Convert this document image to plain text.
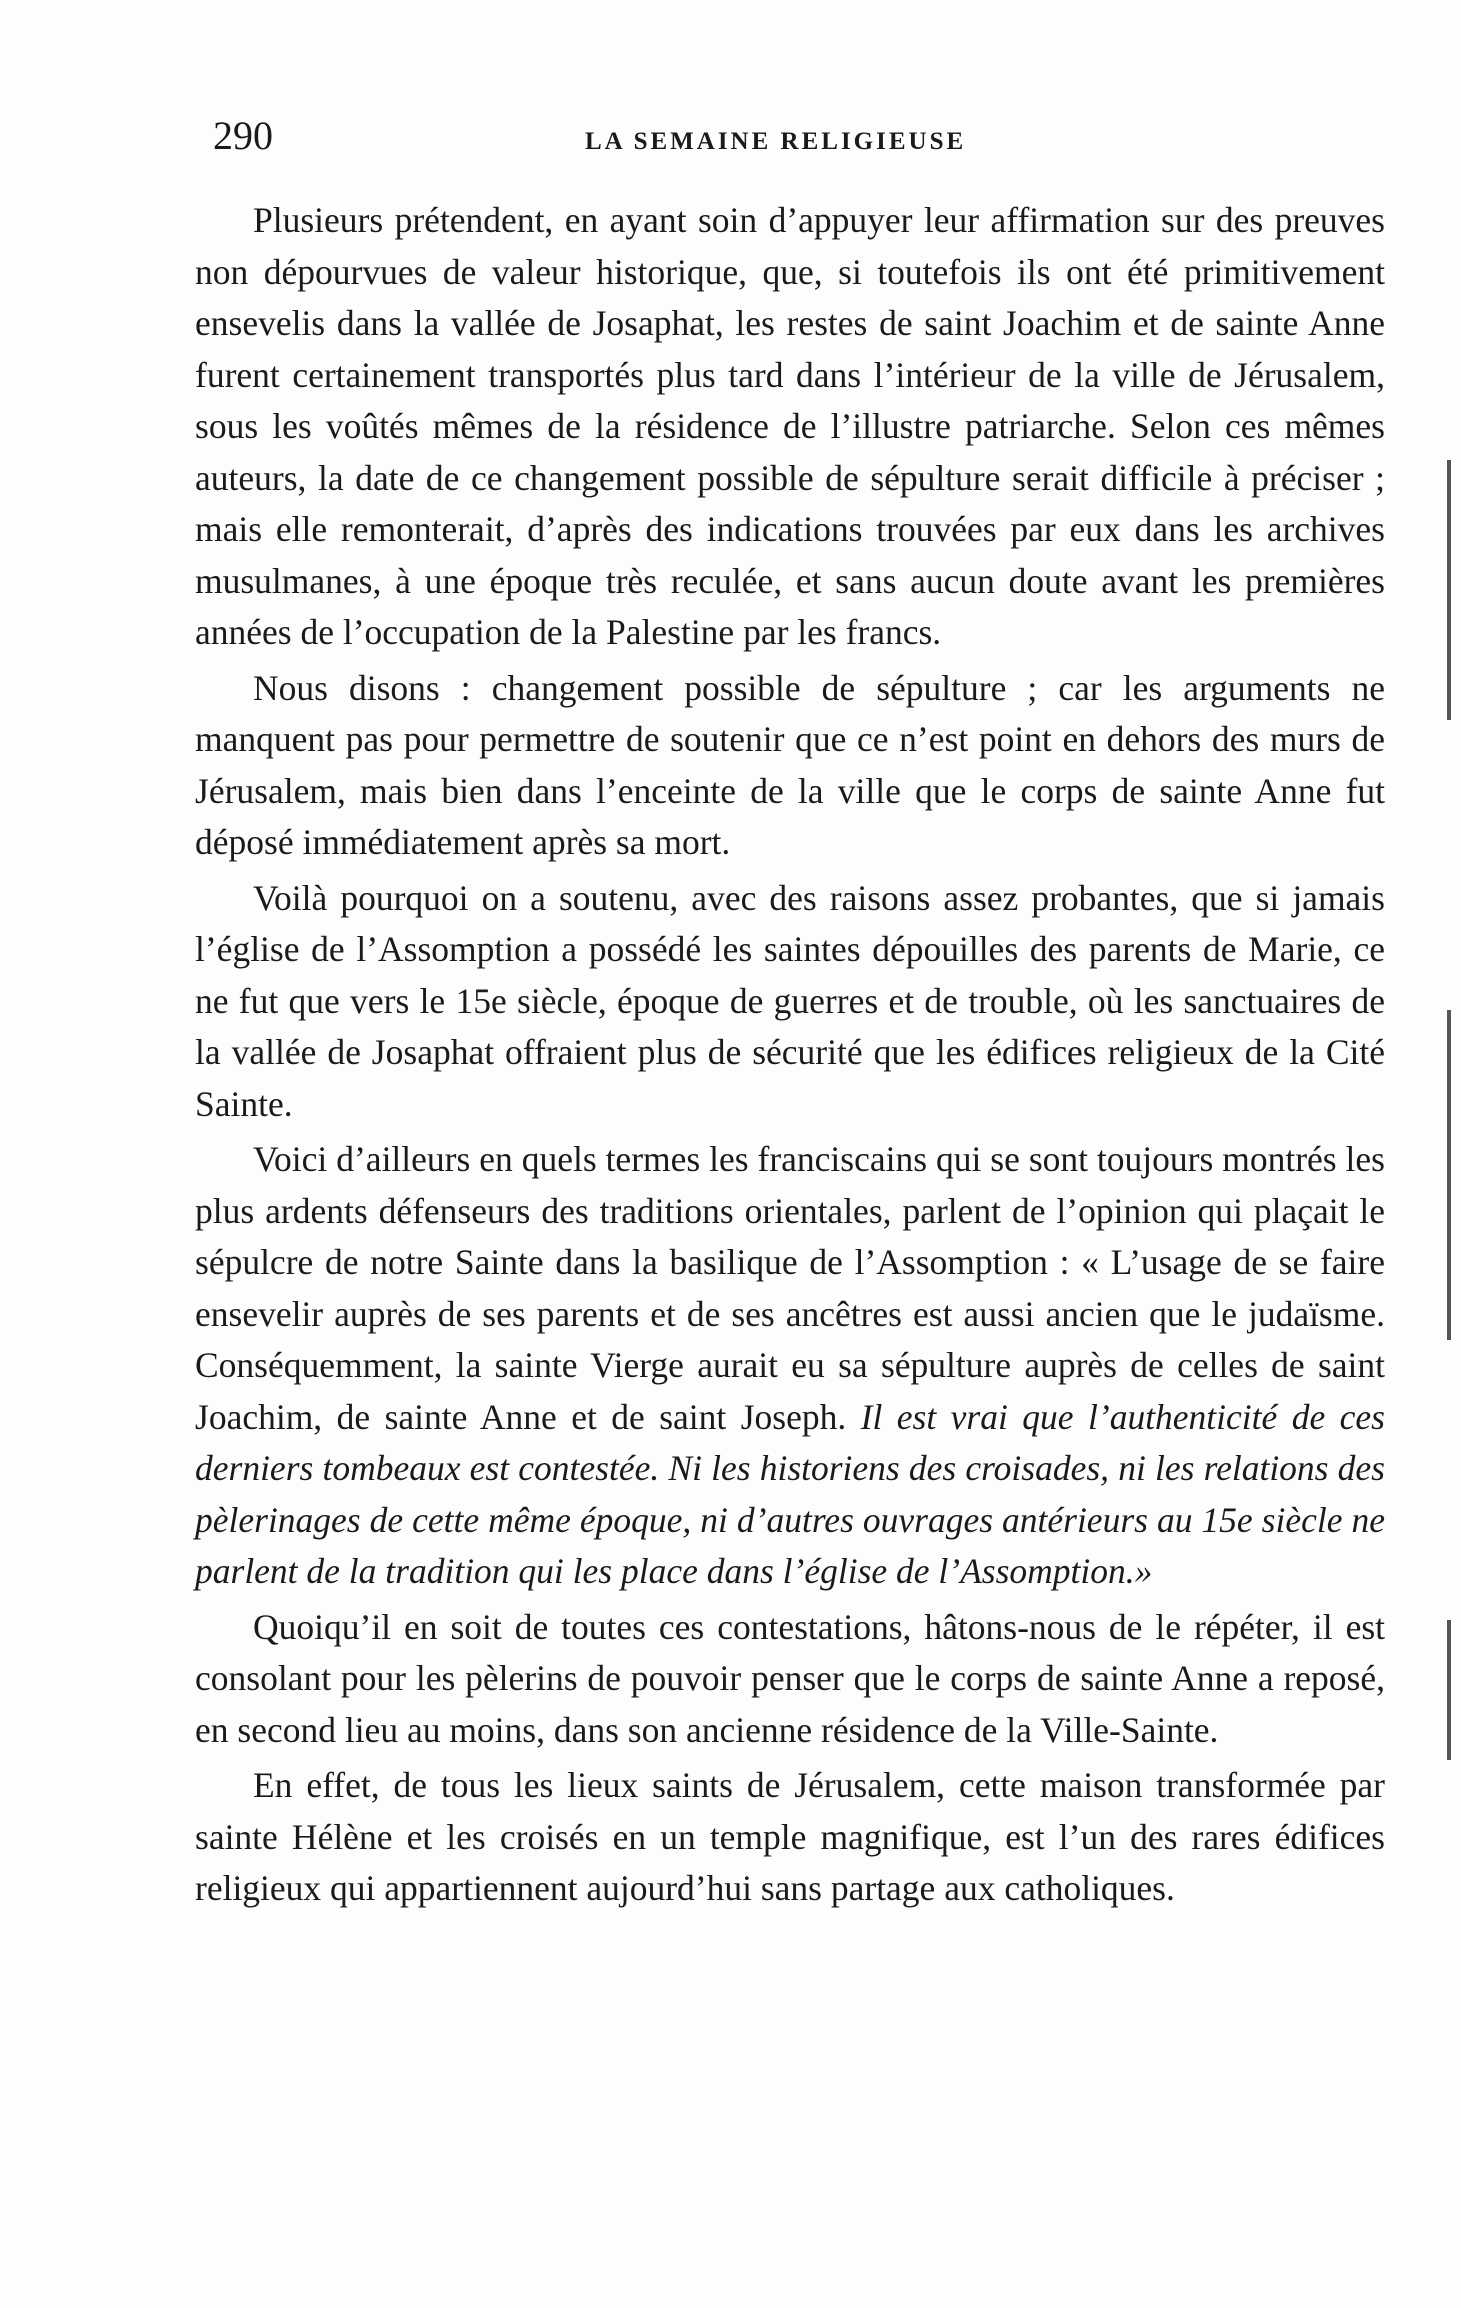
290	LA SEMAINE RELIGIEUSE

Plusieurs prétendent, en ayant soin d’appuyer leur affirmation sur des preuves non dépourvues de valeur historique, que, si toutefois ils ont été primitivement ensevelis dans la vallée de Josaphat, les restes de saint Joachim et de sainte Anne furent certainement transportés plus tard dans l’intérieur de la ville de Jérusalem, sous les voûtés mêmes de la résidence de l’illustre patriarche. Selon ces mêmes auteurs, la date de ce changement possible de sépulture serait difficile à préciser ; mais elle remonterait, d’après des indications trouvées par eux dans les archives musulmanes, à une époque très reculée, et sans aucun doute avant les premières années de l’occupation de la Palestine par les francs.

Nous disons : changement possible de sépulture ; car les arguments ne manquent pas pour permettre de soutenir que ce n’est point en dehors des murs de Jérusalem, mais bien dans l’enceinte de la ville que le corps de sainte Anne fut déposé immédiatement après sa mort.

Voilà pourquoi on a soutenu, avec des raisons assez probantes, que si jamais l’église de l’Assomption a possédé les saintes dépouilles des parents de Marie, ce ne fut que vers le 15e siècle, époque de guerres et de trouble, où les sanctuaires de la vallée de Josaphat offraient plus de sécurité que les édifices religieux de la Cité Sainte.

Voici d’ailleurs en quels termes les franciscains qui se sont toujours montrés les plus ardents défenseurs des traditions orientales, parlent de l’opinion qui plaçait le sépulcre de notre Sainte dans la basilique de l’Assomption : « L’usage de se faire ensevelir auprès de ses parents et de ses ancêtres est aussi ancien que le judaïsme. Conséquemment, la sainte Vierge aurait eu sa sépulture auprès de celles de saint Joachim, de sainte Anne et de saint Joseph. Il est vrai que l’authenticité de ces derniers tombeaux est contestée. Ni les historiens des croisades, ni les relations des pèlerinages de cette même époque, ni d’autres ouvrages antérieurs au 15e siècle ne parlent de la tradition qui les place dans l’église de l’Assomption.»

Quoiqu’il en soit de toutes ces contestations, hâtons-nous de le répéter, il est consolant pour les pèlerins de pouvoir penser que le corps de sainte Anne a reposé, en second lieu au moins, dans son ancienne résidence de la Ville-Sainte.

En effet, de tous les lieux saints de Jérusalem, cette maison transformée par sainte Hélène et les croisés en un temple magnifique, est l’un des rares édifices religieux qui appartiennent aujourd’hui sans partage aux catholiques.
